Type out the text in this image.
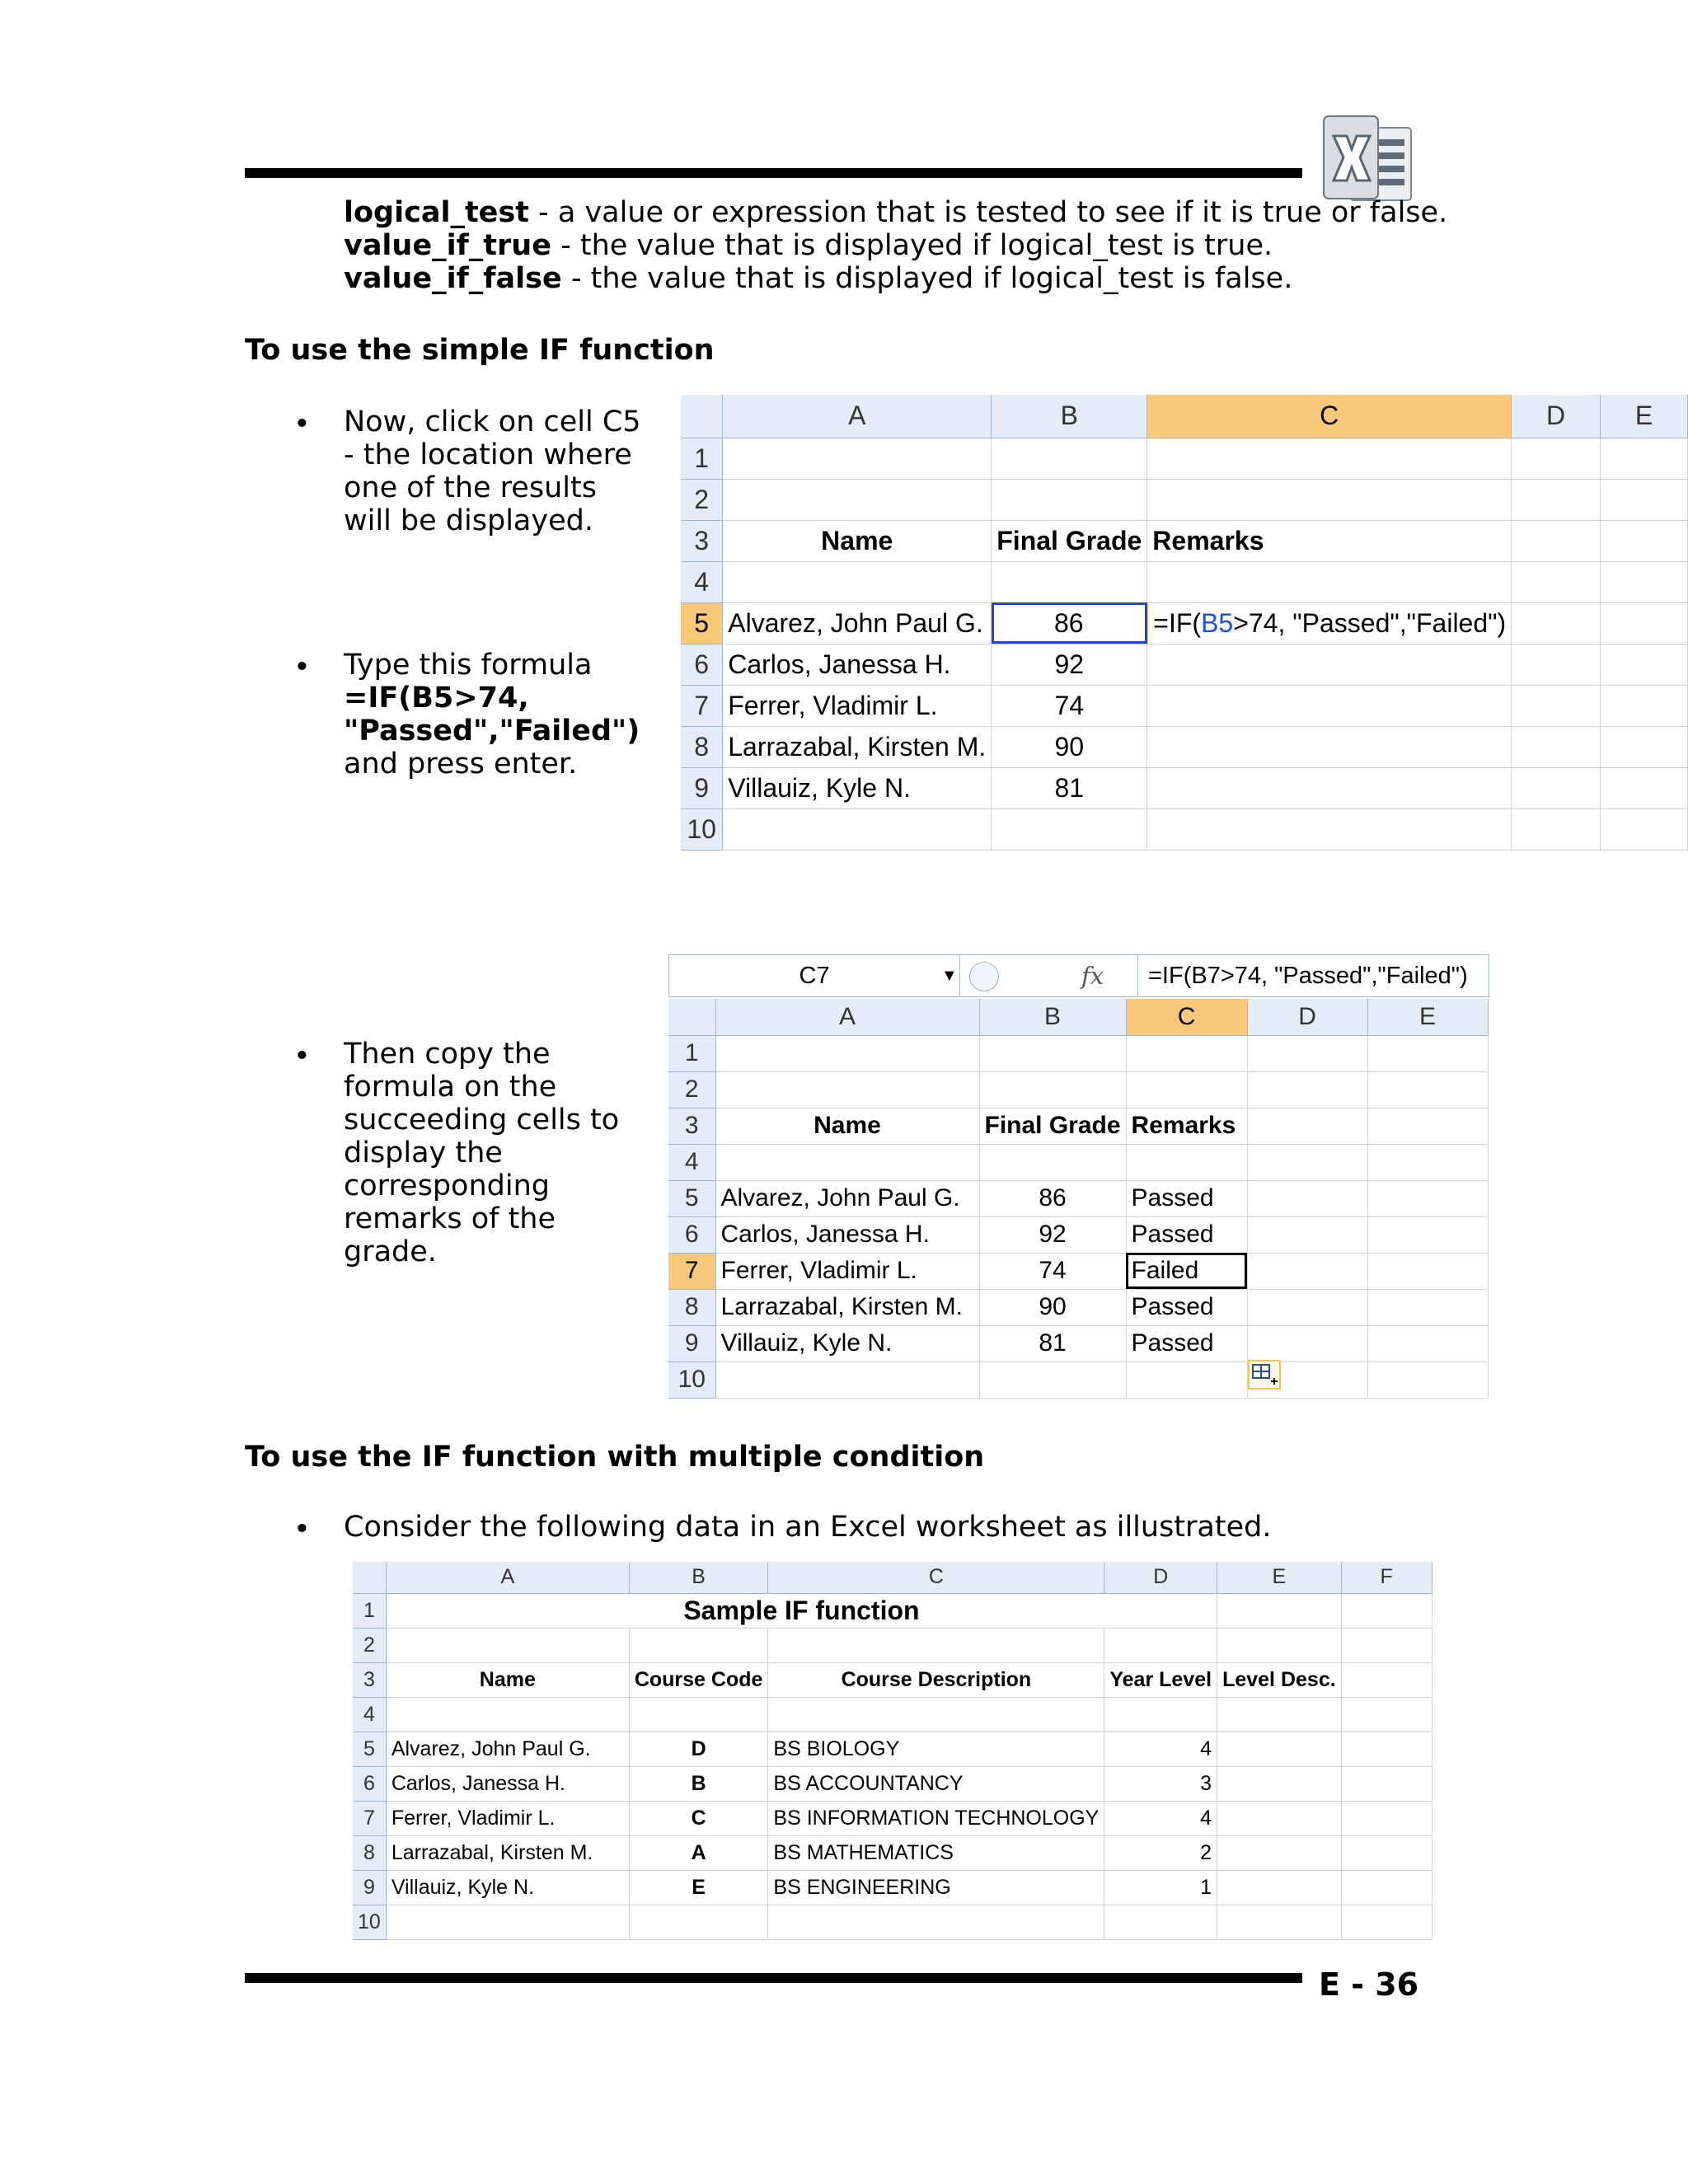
logical_test - a value or expression that is tested to see if it is true or false.
value_if_true - the value that is displayed if logical_test is true.
value_if_false - the value that is displayed if logical_test is false.
To use the simple IF function
• Now, click on cell C5
- the location where
one of the results
will be displayed.
• Type this formula
=IF(B5>74,
"Passed","Failed")
and press enter.
	A	B	C	D	E
1					
2					
3	Name	Final Grade	Remarks		
4					
5	Alvarez, John Paul G.	86	=IF(B5>74, "Passed","Failed")		
6	Carlos, Janessa H.	92			
7	Ferrer, Vladimir L.	74			
8	Larrazabal, Kirsten M.	90			
9	Villauiz, Kyle N.	81			
10					
• Then copy the
formula on the
succeeding cells to
display the
corresponding
remarks of the
grade.
C7	▼	fx	=IF(B7>74, "Passed","Failed")
	A	B	C	D	E
1					
2					
3	Name	Final Grade	Remarks		
4					
5	Alvarez, John Paul G.	86	Passed		
6	Carlos, Janessa H.	92	Passed		
7	Ferrer, Vladimir L.	74	Failed		
8	Larrazabal, Kirsten M.	90	Passed		
9	Villauiz, Kyle N.	81	Passed		
10					
To use the IF function with multiple condition
• Consider the following data in an Excel worksheet as illustrated.
	A	B	C	D	E	F
1	Sample IF function					
2						
3	Name	Course Code	Course Description	Year Level	Level Desc.	
4						
5	Alvarez, John Paul G.	D	BS BIOLOGY	4		
6	Carlos, Janessa H.	B	BS ACCOUNTANCY	3		
7	Ferrer, Vladimir L.	C	BS INFORMATION TECHNOLOGY	4		
8	Larrazabal, Kirsten M.	A	BS MATHEMATICS	2		
9	Villauiz, Kyle N.	E	BS ENGINEERING	1		
10						
E - 36
